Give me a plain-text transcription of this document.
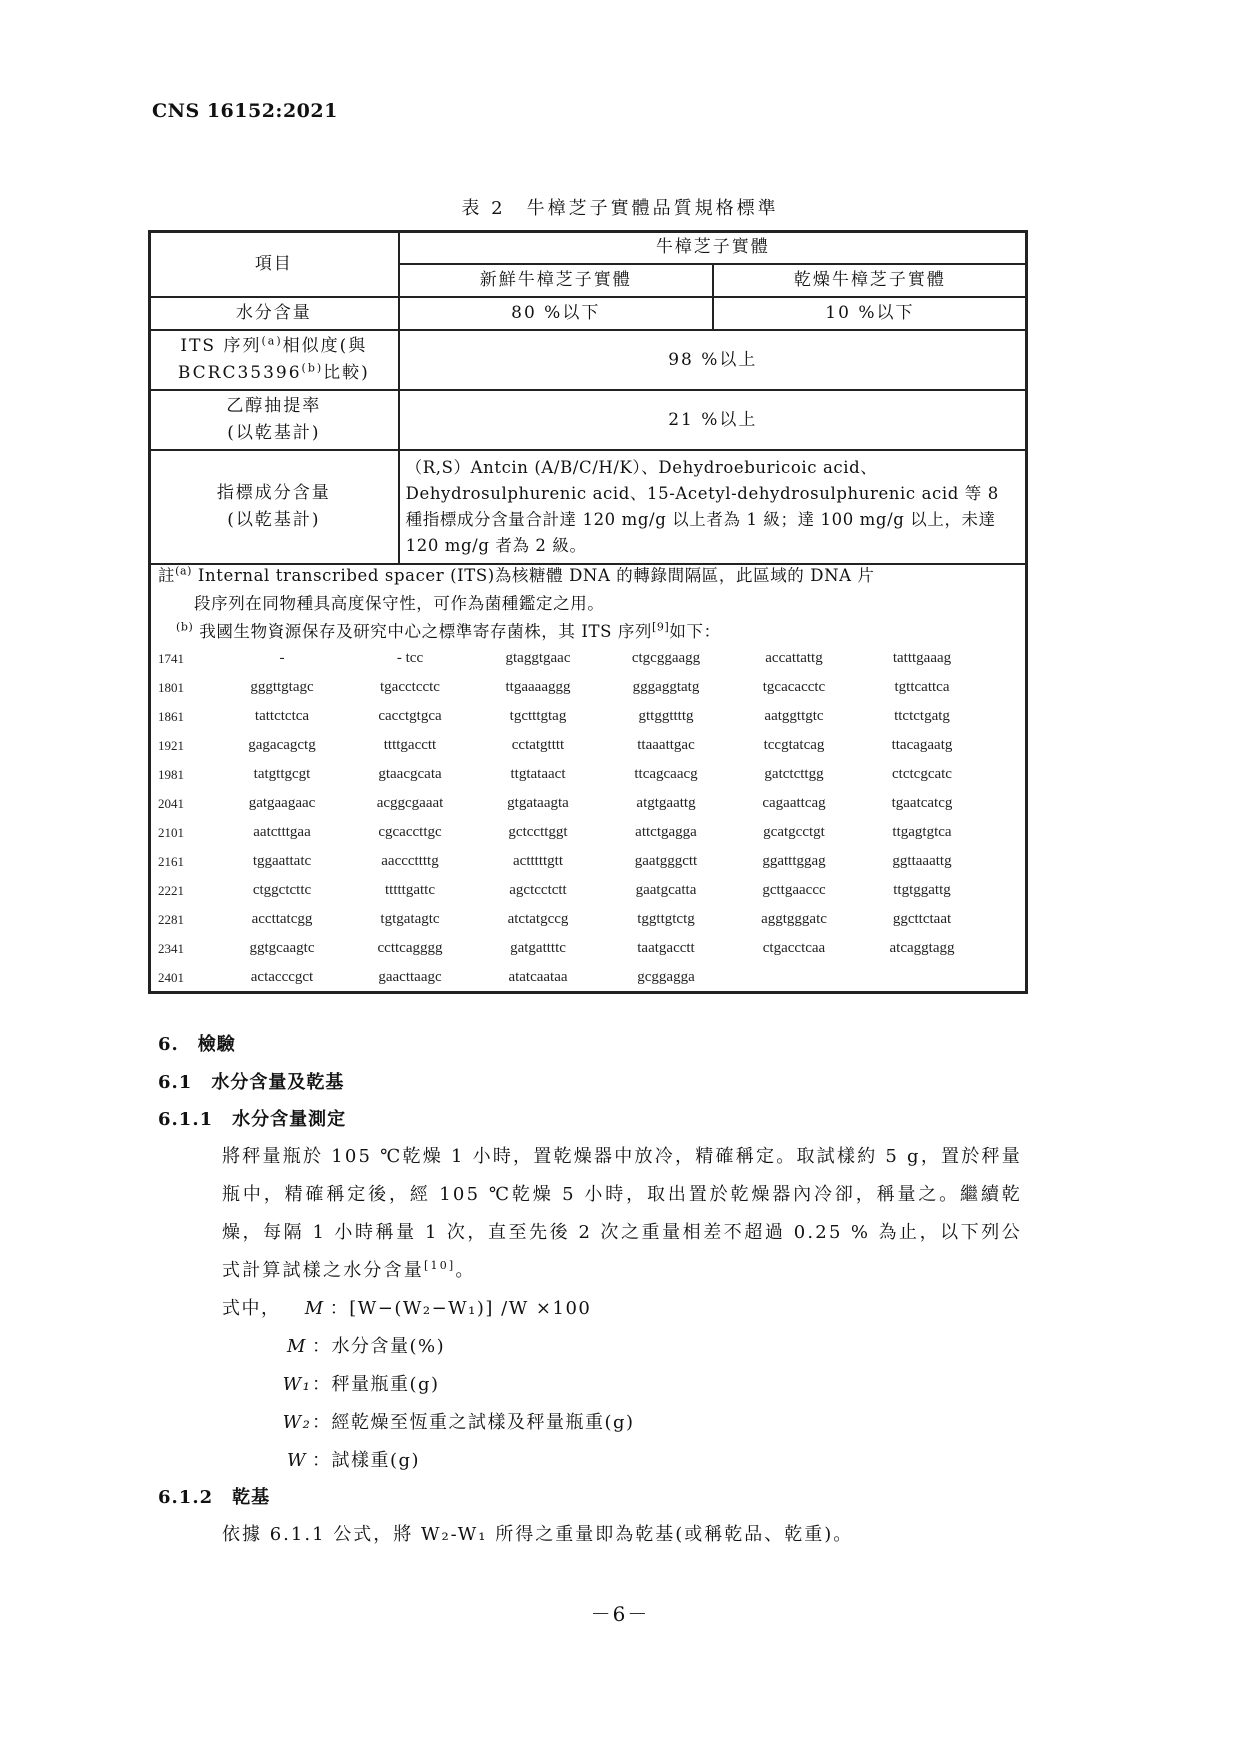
CNS 16152:2021
表 2　牛樟芝子實體品質規格標準
項目	牛樟芝子實體	
	新鮮牛樟芝子實體	乾燥牛樟芝子實體
水分含量	80 %以下	10 %以下
ITS 序列$^{(a)}$相似度(與
BCRC35396$^{(b)}$比較)	98 %以上	
乙醇抽提率
(以乾基計)	21 %以上	
指標成分含量
(以乾基計)	（R,S）Antcin (A/B/C/H/K）、Dehydroeburicoic acid、Dehydrosulphurenic acid、15-Acetyl-dehydrosulphurenic acid 等 8 種指標成分含量合計達 120 mg/g 以上者為 1 級；達 100 mg/g 以上，未達 120 mg/g 者為 2 級。	
註$^{(a)}$ Internal transcribed spacer (ITS)為核糖體 DNA 的轉錄間隔區，此區域的 DNA 片
段序列在同物種具高度保守性，可作為菌種鑑定之用。
$^{(b)}$ 我國生物資源保存及研究中心之標準寄存菌株，其 ITS 序列[9]如下：
1741	-	- tcc	gtaggtgaac	ctgcggaagg	accattattg	tatttgaaag
1801	gggttgtagc	tgacctcctc	ttgaaaaggg	gggaggtatg	tgcacacctc	tgttcattca
1861	tattctctca	cacctgtgca	tgctttgtag	gttggttttg	aatggttgtc	ttctctgatg
1921	gagacagctg	ttttgacctt	cctatgtttt	ttaaattgac	tccgtatcag	ttacagaatg
1981	tatgttgcgt	gtaacgcata	ttgtataact	ttcagcaacg	gatctcttgg	ctctcgcatc
2041	gatgaagaac	acggcgaaat	gtgataagta	atgtgaattg	cagaattcag	tgaatcatcg
2101	aatctttgaa	cgcaccttgc	gctccttggt	attctgagga	gcatgcctgt	ttgagtgtca
2161	tggaattatc	aacccttttg	actttttgtt	gaatgggctt	ggatttggag	ggttaaattg
2221	ctggctcttc	tttttgattc	agctcctctt	gaatgcatta	gcttgaaccc	ttgtggattg
2281	accttatcgg	tgtgatagtc	atctatgccg	tggttgtctg	aggtgggatc	ggcttctaat
2341	ggtgcaagtc	ccttcagggg	gatgattttc	taatgacctt	ctgacctcaa	atcaggtagg
2401	actacccgct	gaacttaagc	atatcaataa	gcggagga
6.　檢驗
6.1　水分含量及乾基
6.1.1　水分含量測定
將秤量瓶於 105 ℃乾燥 1 小時，置乾燥器中放冷，精確稱定。取試樣約 5 g，置於秤量瓶中，精確稱定後，經 105 ℃乾燥 5 小時，取出置於乾燥器內冷卻，稱量之。繼續乾燥，每隔 1 小時稱量 1 次，直至先後 2 次之重量相差不超過 0.25 % 為止，以下列公式計算試樣之水分含量[10]。
式中， M ：[W−(W₂−W₁)] /W ×100
M ：水分含量(%)
W₁：秤量瓶重(g)
W₂：經乾燥至恆重之試樣及秤量瓶重(g)
W ：試樣重(g)
6.1.2　乾基
依據 6.1.1 公式，將 W₂-W₁ 所得之重量即為乾基(或稱乾品、乾重)。
－6－
